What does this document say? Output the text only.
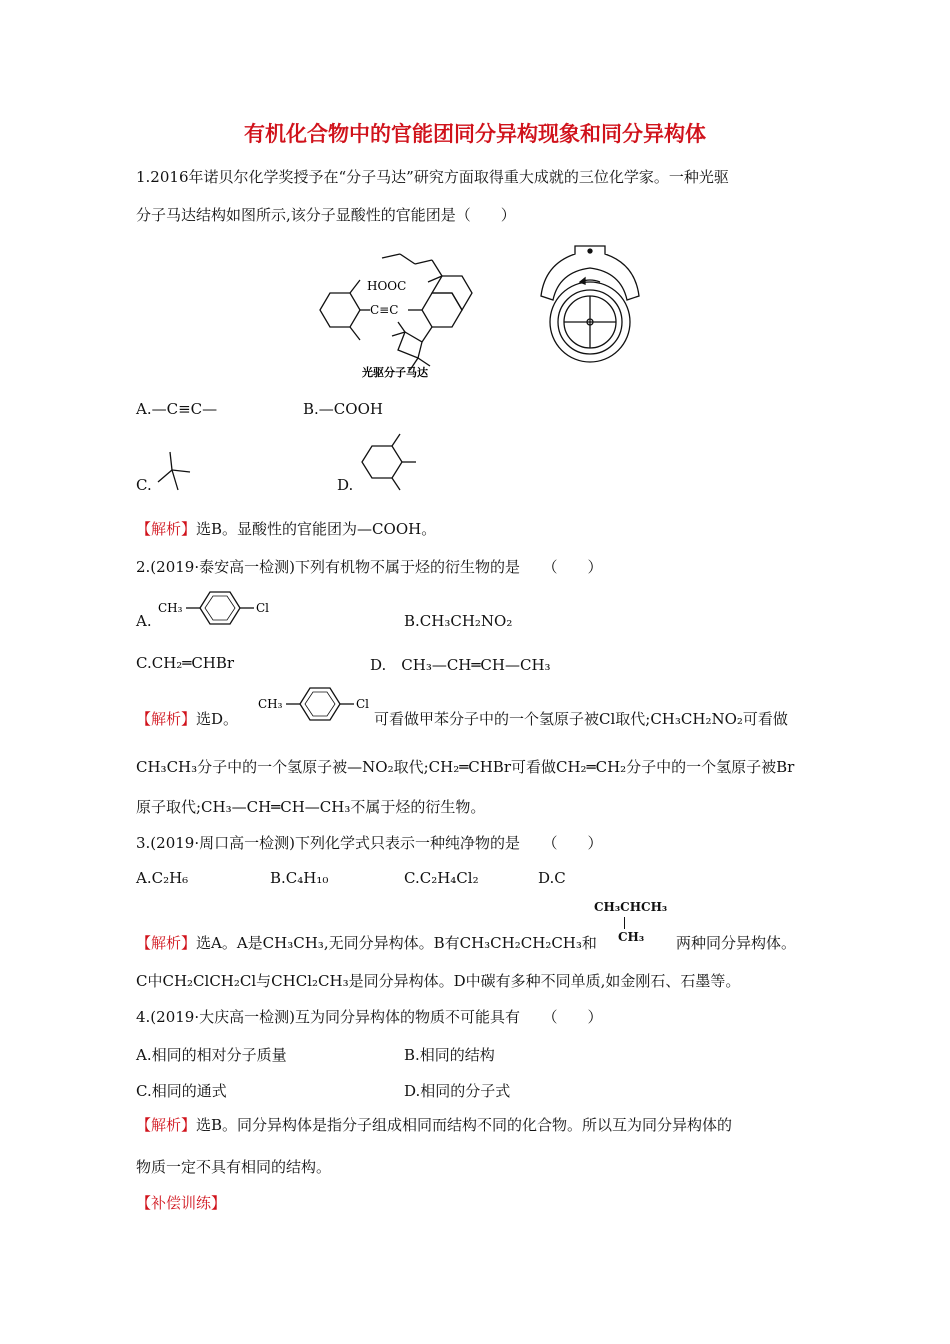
有机化合物中的官能团同分异构现象和同分异构体
1.2016年诺贝尔化学奖授予在“分子马达”研究方面取得重大成就的三位化学家。一种光驱
分子马达结构如图所示,该分子显酸性的官能团是（　　）
HOOC
C≡C
光驱分子马达
A.—C≡C—	B.—COOH
C.	D.
【解析】选B。显酸性的官能团为—COOH。
2.(2019·泰安高一检测)下列有机物不属于烃的衍生物的是　　（　　）
A.
CH₃	Cl
B.CH₃CH₂NO₂
C.CH₂═CHBr	D.　CH₃—CH═CH—CH₃
【解析】选D。
CH₃	Cl
可看做甲苯分子中的一个氢原子被Cl取代;CH₃CH₂NO₂可看做
CH₃CH₃分子中的一个氢原子被—NO₂取代;CH₂═CHBr可看做CH₂═CH₂分子中的一个氢原子被Br
原子取代;CH₃—CH═CH—CH₃不属于烃的衍生物。
3.(2019·周口高一检测)下列化学式只表示一种纯净物的是　　（　　）
A.C₂H₆	B.C₄H₁₀	C.C₂H₄Cl₂	D.C
【解析】选A。A是CH₃CH₃,无同分异构体。B有CH₃CH₂CH₂CH₃和
CH₃CHCH₃
CH₃ 两种同分异构体。
C中CH₂ClCH₂Cl与CHCl₂CH₃是同分异构体。D中碳有多种不同单质,如金刚石、石墨等。
4.(2019·大庆高一检测)互为同分异构体的物质不可能具有　　（　　）
A.相同的相对分子质量	B.相同的结构
C.相同的通式	D.相同的分子式
【解析】选B。同分异构体是指分子组成相同而结构不同的化合物。所以互为同分异构体的
物质一定不具有相同的结构。
【补偿训练】
